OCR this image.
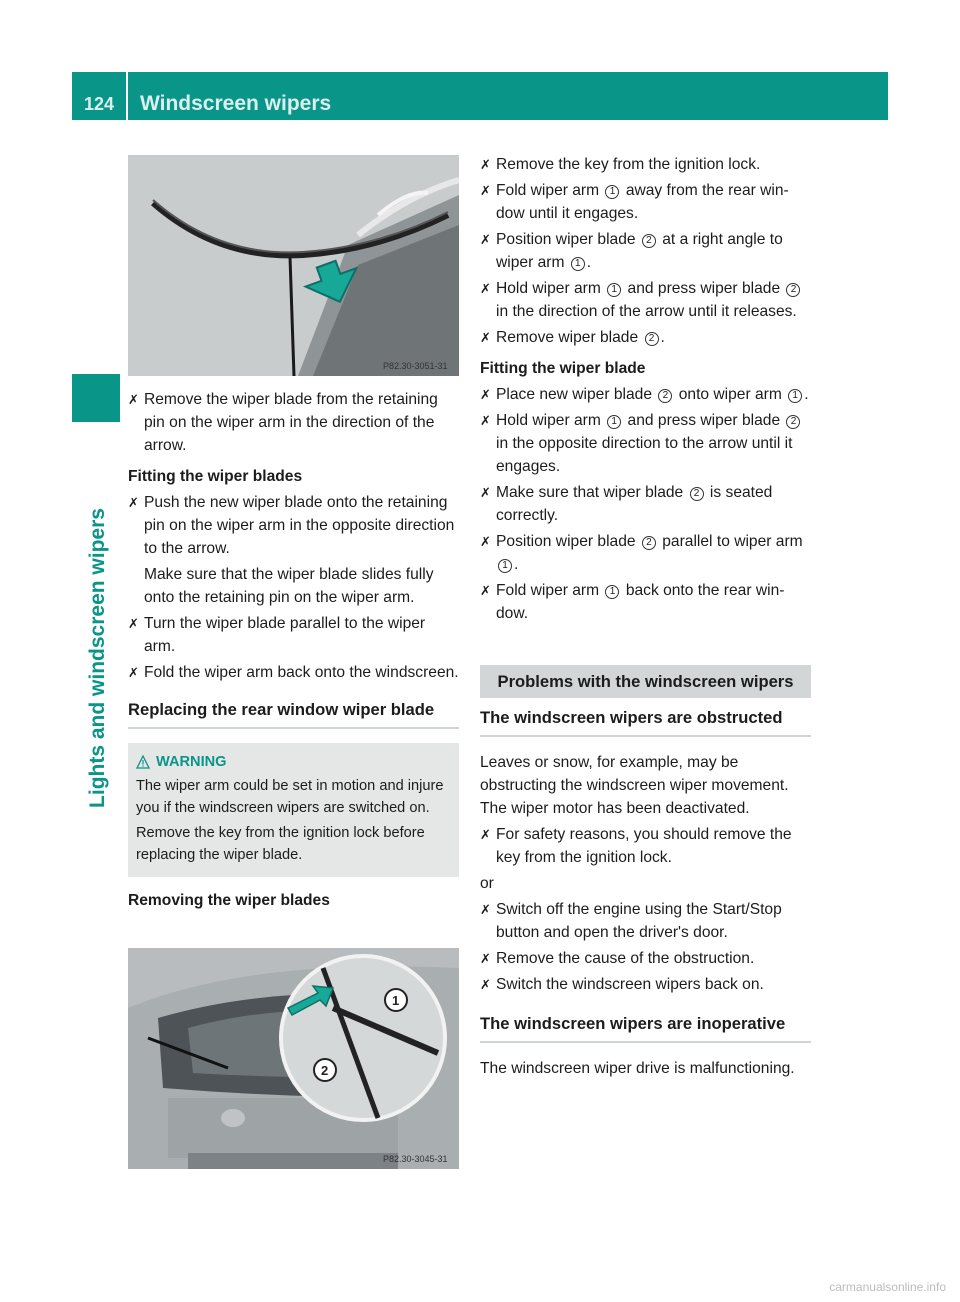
124 Windscreen wipers
Lights and windscreen wipers
P82.30-3051-31
✗ Remove the wiper blade from the retaining pin on the wiper arm in the direction of the arrow.
Fitting the wiper blades
✗ Push the new wiper blade onto the retaining pin on the wiper arm in the opposite direction to the arrow.
Make sure that the wiper blade slides fully onto the retaining pin on the wiper arm.
✗ Turn the wiper blade parallel to the wiper arm.
✗ Fold the wiper arm back onto the windscreen.
Replacing the rear window wiper blade
WARNING
The wiper arm could be set in motion and injure you if the windscreen wipers are switched on.
Remove the key from the ignition lock before replacing the wiper blade.
Removing the wiper blades
1
2
P82.30-3045-31
✗ Remove the key from the ignition lock.
✗ Fold wiper arm 1 away from the rear window until it engages.
✗ Position wiper blade 2 at a right angle to wiper arm 1 .
✗ Hold wiper arm 1 and press wiper blade 2 in the direction of the arrow until it releases.
✗ Remove wiper blade 2 .
Fitting the wiper blade
✗ Place new wiper blade 2 onto wiper arm 1 .
✗ Hold wiper arm 1 and press wiper blade 2 in the opposite direction to the arrow until it engages.
✗ Make sure that wiper blade 2 is seated correctly.
✗ Position wiper blade 2 parallel to wiper arm 1 .
✗ Fold wiper arm 1 back onto the rear window.
Problems with the windscreen wipers
The windscreen wipers are obstructed
Leaves or snow, for example, may be obstructing the windscreen wiper movement. The wiper motor has been deactivated.
✗ For safety reasons, you should remove the key from the ignition lock.
or
✗ Switch off the engine using the Start/Stop button and open the driver's door.
✗ Remove the cause of the obstruction.
✗ Switch the windscreen wipers back on.
The windscreen wipers are inoperative
The windscreen wiper drive is malfunctioning.
carmanualsonline.info
